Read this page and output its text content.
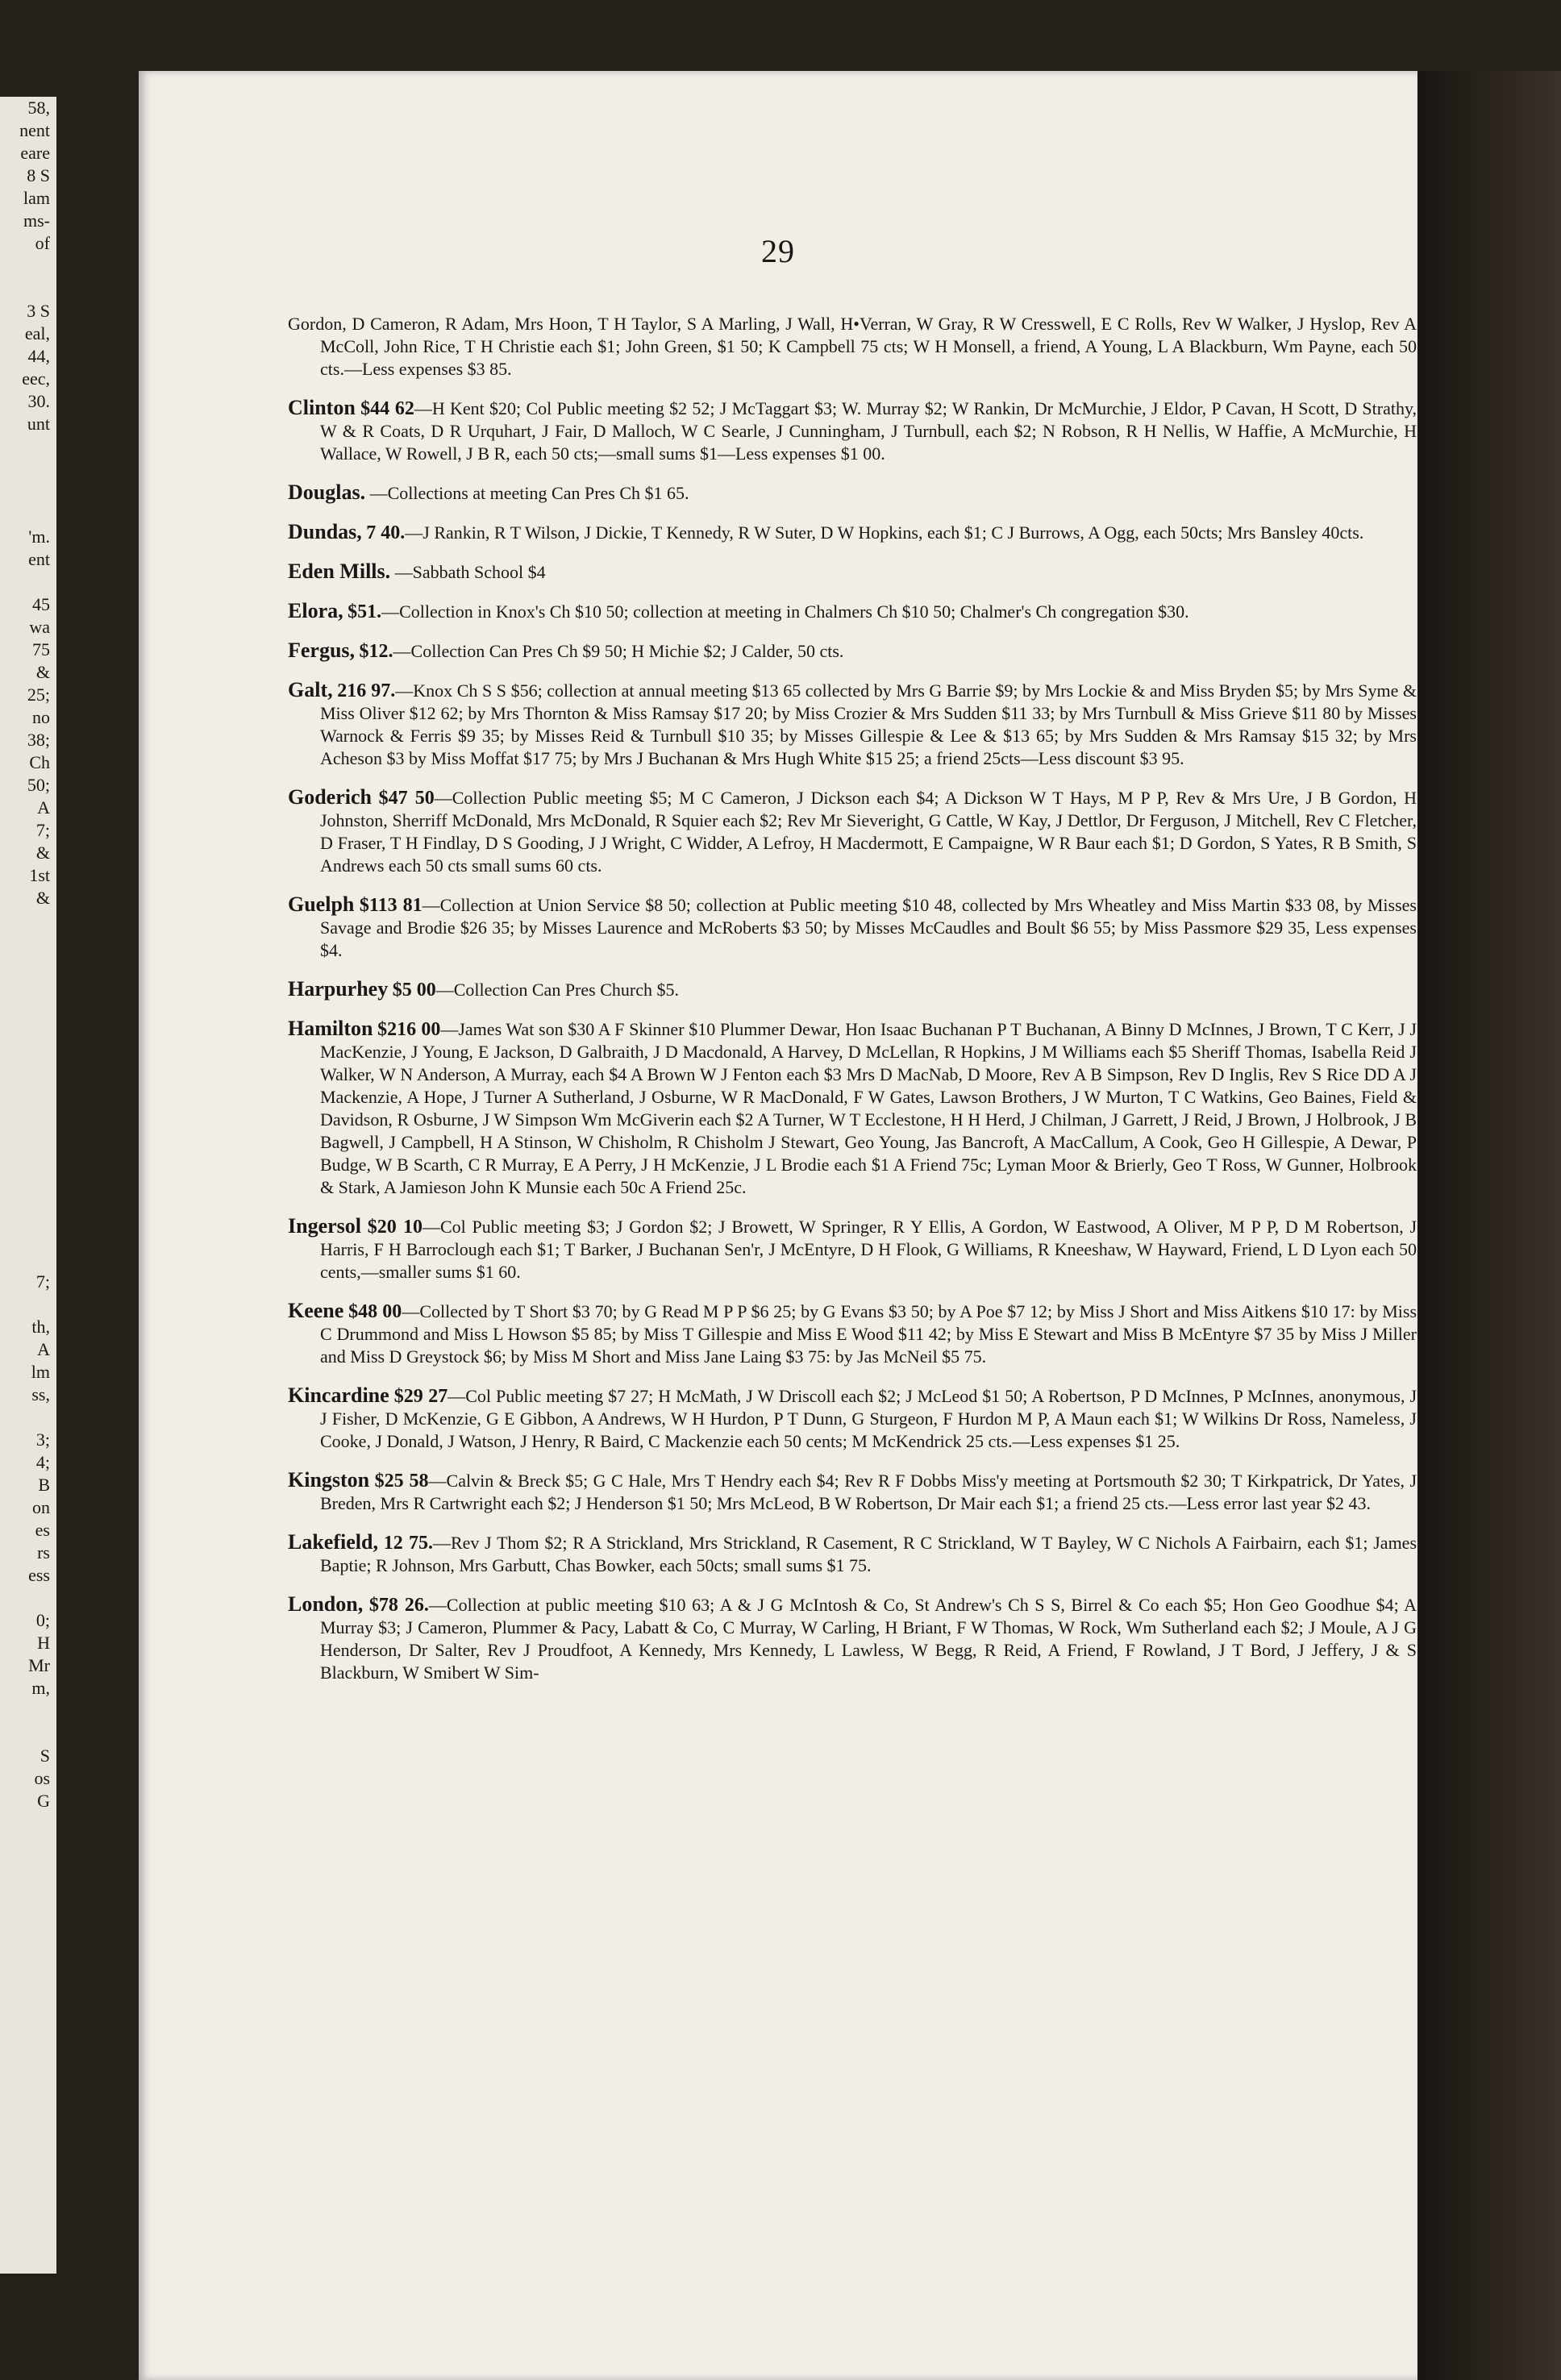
58,
nent
eare
8 S
lam
ms-
of
3 S
eal,
44,
eec,
30.
unt
'm.
ent
45
wa
75
&
25;
no
38;
Ch
50;
A
7;
&
1st
&
7;
th,
A
lm
ss,
3;
4;
B
on
es
rs
ess
0;
H
Mr
m,
S
os
G
29
Gordon, D Cameron, R Adam, Mrs Hoon, T H Taylor, S A Marling, J Wall, H•Verran, W Gray, R W Cresswell, E C Rolls, Rev W Walker, J Hyslop, Rev A McColl, John Rice, T H Christie each $1; John Green, $1 50; K Campbell 75 cts; W H Monsell, a friend, A Young, L A Blackburn, Wm Payne, each 50 cts.—Less expenses $3 85.
Clinton $44 62—H Kent $20; Col Public meeting $2 52; J McTaggart $3; W. Murray $2; W Rankin, Dr McMurchie, J Eldor, P Cavan, H Scott, D Strathy, W & R Coats, D R Urquhart, J Fair, D Malloch, W C Searle, J Cunningham, J Turnbull, each $2; N Robson, R H Nellis, W Haffie, A McMurchie, H Wallace, W Rowell, J B R, each 50 cts;—small sums $1—Less expenses $1 00.
Douglas. —Collections at meeting Can Pres Ch $1 65.
Dundas, 7 40.—J Rankin, R T Wilson, J Dickie, T Kennedy, R W Suter, D W Hopkins, each $1; C J Burrows, A Ogg, each 50cts; Mrs Bansley 40cts.
Eden Mills. —Sabbath School $4
Elora, $51.—Collection in Knox's Ch $10 50; collection at meeting in Chalmers Ch $10 50; Chalmer's Ch congregation $30.
Fergus, $12.—Collection Can Pres Ch $9 50; H Michie $2; J Calder, 50 cts.
Galt, 216 97.—Knox Ch S S $56; collection at annual meeting $13 65 collected by Mrs G Barrie $9; by Mrs Lockie & and Miss Bryden $5; by Mrs Syme & Miss Oliver $12 62; by Mrs Thornton & Miss Ramsay $17 20; by Miss Crozier & Mrs Sudden $11 33; by Mrs Turnbull & Miss Grieve $11 80 by Misses Warnock & Ferris $9 35; by Misses Reid & Turnbull $10 35; by Misses Gillespie & Lee & $13 65; by Mrs Sudden & Mrs Ramsay $15 32; by Mrs Acheson $3 by Miss Moffat $17 75; by Mrs J Buchanan & Mrs Hugh White $15 25; a friend 25cts—Less discount $3 95.
Goderich $47 50—Collection Public meeting $5; M C Cameron, J Dickson each $4; A Dickson W T Hays, M P P, Rev & Mrs Ure, J B Gordon, H Johnston, Sherriff McDonald, Mrs McDonald, R Squier each $2; Rev Mr Sieveright, G Cattle, W Kay, J Dettlor, Dr Ferguson, J Mitchell, Rev C Fletcher, D Fraser, T H Findlay, D S Gooding, J J Wright, C Widder, A Lefroy, H Macdermott, E Campaigne, W R Baur each $1; D Gordon, S Yates, R B Smith, S Andrews each 50 cts small sums 60 cts.
Guelph $113 81—Collection at Union Service $8 50; collection at Public meeting $10 48, collected by Mrs Wheatley and Miss Martin $33 08, by Misses Savage and Brodie $26 35; by Misses Laurence and McRoberts $3 50; by Misses McCaudles and Boult $6 55; by Miss Passmore $29 35, Less expenses $4.
Harpurhey $5 00—Collection Can Pres Church $5.
Hamilton $216 00—James Wat son $30 A F Skinner $10 Plummer Dewar, Hon Isaac Buchanan P T Buchanan, A Binny D McInnes, J Brown, T C Kerr, J J MacKenzie, J Young, E Jackson, D Galbraith, J D Macdonald, A Harvey, D McLellan, R Hopkins, J M Williams each $5 Sheriff Thomas, Isabella Reid J Walker, W N Anderson, A Murray, each $4 A Brown W J Fenton each $3 Mrs D MacNab, D Moore, Rev A B Simpson, Rev D Inglis, Rev S Rice DD A J Mackenzie, A Hope, J Turner A Sutherland, J Osburne, W R MacDonald, F W Gates, Lawson Brothers, J W Murton, T C Watkins, Geo Baines, Field & Davidson, R Osburne, J W Simpson Wm McGiverin each $2 A Turner, W T Ecclestone, H H Herd, J Chilman, J Garrett, J Reid, J Brown, J Holbrook, J B Bagwell, J Campbell, H A Stinson, W Chisholm, R Chisholm J Stewart, Geo Young, Jas Bancroft, A MacCallum, A Cook, Geo H Gillespie, A Dewar, P Budge, W B Scarth, C R Murray, E A Perry, J H McKenzie, J L Brodie each $1 A Friend 75c; Lyman Moor & Brierly, Geo T Ross, W Gunner, Holbrook & Stark, A Jamieson John K Munsie each 50c A Friend 25c.
Ingersol $20 10—Col Public meeting $3; J Gordon $2; J Browett, W Springer, R Y Ellis, A Gordon, W Eastwood, A Oliver, M P P, D M Robertson, J Harris, F H Barroclough each $1; T Barker, J Buchanan Sen'r, J McEntyre, D H Flook, G Williams, R Kneeshaw, W Hayward, Friend, L D Lyon each 50 cents,—smaller sums $1 60.
Keene $48 00—Collected by T Short $3 70; by G Read M P P $6 25; by G Evans $3 50; by A Poe $7 12; by Miss J Short and Miss Aitkens $10 17: by Miss C Drummond and Miss L Howson $5 85; by Miss T Gillespie and Miss E Wood $11 42; by Miss E Stewart and Miss B McEntyre $7 35 by Miss J Miller and Miss D Greystock $6; by Miss M Short and Miss Jane Laing $3 75: by Jas McNeil $5 75.
Kincardine $29 27—Col Public meeting $7 27; H McMath, J W Driscoll each $2; J McLeod $1 50; A Robertson, P D McInnes, P McInnes, anonymous, J J Fisher, D McKenzie, G E Gibbon, A Andrews, W H Hurdon, P T Dunn, G Sturgeon, F Hurdon M P, A Maun each $1; W Wilkins Dr Ross, Nameless, J Cooke, J Donald, J Watson, J Henry, R Baird, C Mackenzie each 50 cents; M McKendrick 25 cts.—Less expenses $1 25.
Kingston $25 58—Calvin & Breck $5; G C Hale, Mrs T Hendry each $4; Rev R F Dobbs Miss'y meeting at Portsmouth $2 30; T Kirkpatrick, Dr Yates, J Breden, Mrs R Cartwright each $2; J Henderson $1 50; Mrs McLeod, B W Robertson, Dr Mair each $1; a friend 25 cts.—Less error last year $2 43.
Lakefield, 12 75.—Rev J Thom $2; R A Strickland, Mrs Strickland, R Casement, R C Strickland, W T Bayley, W C Nichols A Fairbairn, each $1; James Baptie; R Johnson, Mrs Garbutt, Chas Bowker, each 50cts; small sums $1 75.
London, $78 26.—Collection at public meeting $10 63; A & J G McIntosh & Co, St Andrew's Ch S S, Birrel & Co each $5; Hon Geo Goodhue $4; A Murray $3; J Cameron, Plummer & Pacy, Labatt & Co, C Murray, W Carling, H Briant, F W Thomas, W Rock, Wm Sutherland each $2; J Moule, A J G Henderson, Dr Salter, Rev J Proudfoot, A Kennedy, Mrs Kennedy, L Lawless, W Begg, R Reid, A Friend, F Rowland, J T Bord, J Jeffery, J & S Blackburn, W Smibert W Sim-
